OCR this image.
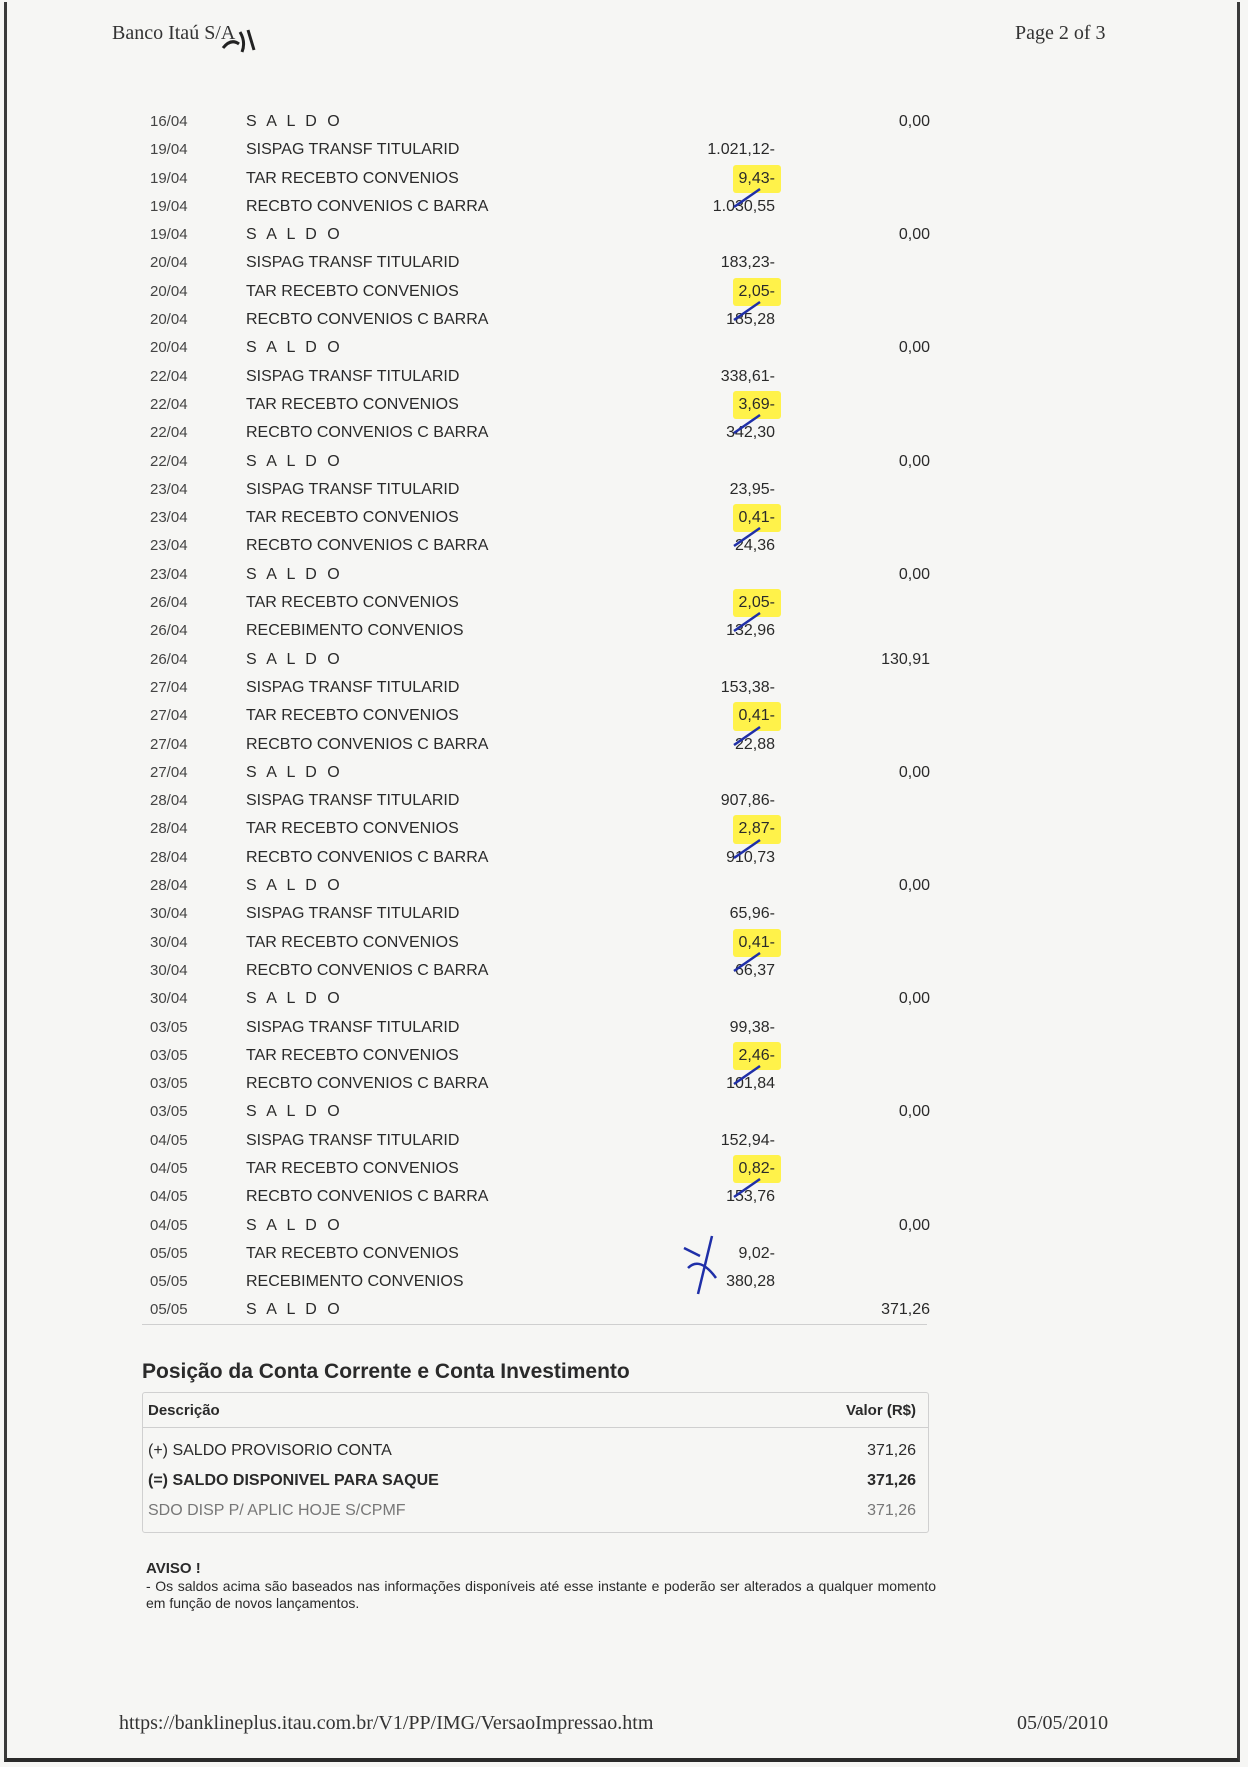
Banco Itaú S/A	Page 2 of 3
16/04	S A L D O	0,00
19/04	SISPAG TRANSF TITULARID	1.021,12-
19/04	TAR RECEBTO CONVENIOS	9,43-
19/04	RECBTO CONVENIOS C BARRA	1.030,55
19/04	S A L D O	0,00
20/04	SISPAG TRANSF TITULARID	183,23-
20/04	TAR RECEBTO CONVENIOS	2,05-
20/04	RECBTO CONVENIOS C BARRA	185,28
20/04	S A L D O	0,00
22/04	SISPAG TRANSF TITULARID	338,61-
22/04	TAR RECEBTO CONVENIOS	3,69-
22/04	RECBTO CONVENIOS C BARRA	342,30
22/04	S A L D O	0,00
23/04	SISPAG TRANSF TITULARID	23,95-
23/04	TAR RECEBTO CONVENIOS	0,41-
23/04	RECBTO CONVENIOS C BARRA	24,36
23/04	S A L D O	0,00
26/04	TAR RECEBTO CONVENIOS	2,05-
26/04	RECEBIMENTO CONVENIOS	132,96
26/04	S A L D O	130,91
27/04	SISPAG TRANSF TITULARID	153,38-
27/04	TAR RECEBTO CONVENIOS	0,41-
27/04	RECBTO CONVENIOS C BARRA	22,88
27/04	S A L D O	0,00
28/04	SISPAG TRANSF TITULARID	907,86-
28/04	TAR RECEBTO CONVENIOS	2,87-
28/04	RECBTO CONVENIOS C BARRA	910,73
28/04	S A L D O	0,00
30/04	SISPAG TRANSF TITULARID	65,96-
30/04	TAR RECEBTO CONVENIOS	0,41-
30/04	RECBTO CONVENIOS C BARRA	66,37
30/04	S A L D O	0,00
03/05	SISPAG TRANSF TITULARID	99,38-
03/05	TAR RECEBTO CONVENIOS	2,46-
03/05	RECBTO CONVENIOS C BARRA	101,84
03/05	S A L D O	0,00
04/05	SISPAG TRANSF TITULARID	152,94-
04/05	TAR RECEBTO CONVENIOS	0,82-
04/05	RECBTO CONVENIOS C BARRA	153,76
04/05	S A L D O	0,00
05/05	TAR RECEBTO CONVENIOS	9,02-
05/05	RECEBIMENTO CONVENIOS	380,28
05/05	S A L D O	371,26
Posição da Conta Corrente e Conta Investimento
Descrição	Valor (R$)
(+) SALDO PROVISORIO CONTA	371,26
(=) SALDO DISPONIVEL PARA SAQUE	371,26
SDO DISP P/ APLIC HOJE S/CPMF	371,26
AVISO !
- Os saldos acima são baseados nas informações disponíveis até esse instante e poderão ser alterados a qualquer momento em função de novos lançamentos.
https://banklineplus.itau.com.br/V1/PP/IMG/VersaoImpressao.htm	05/05/2010
